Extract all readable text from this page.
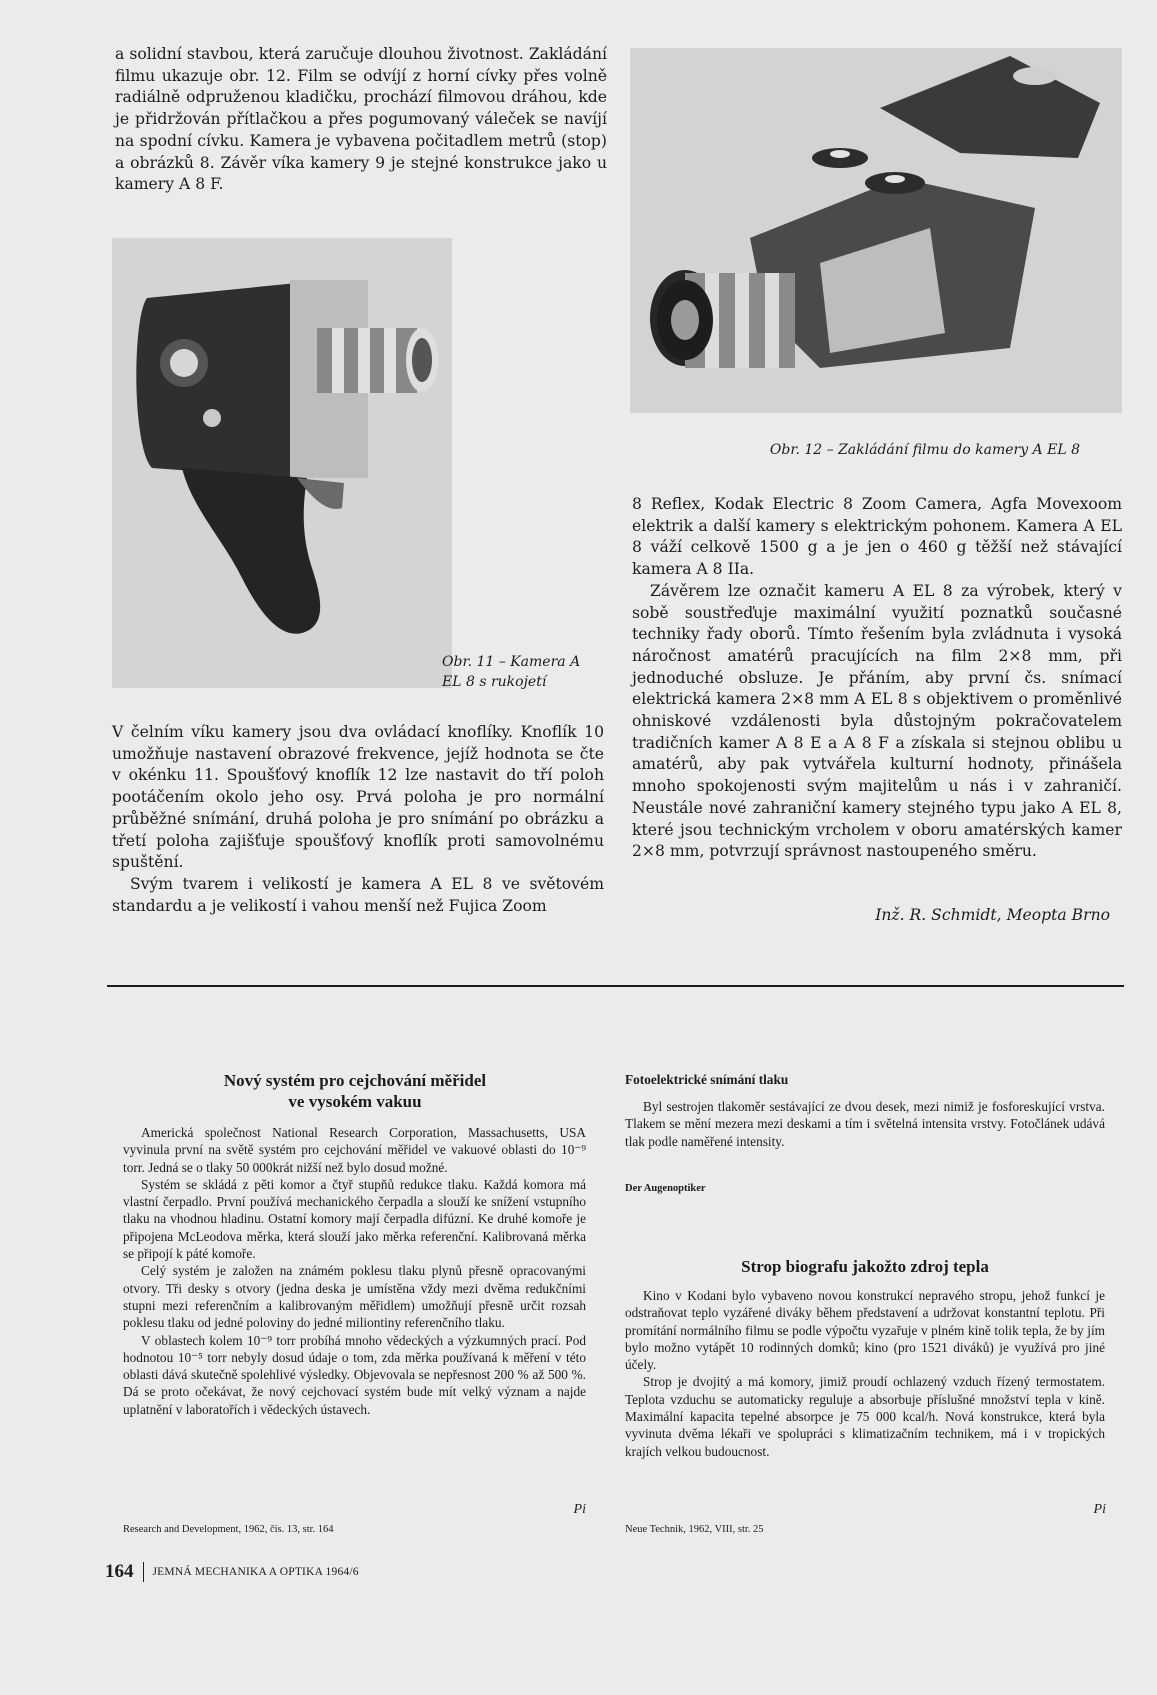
a solidní stavbou, která zaručuje dlouhou životnost. Zakládání filmu ukazuje obr. 12. Film se odvíjí z horní cívky přes volně radiálně odpruženou kladičku, prochází filmovou dráhou, kde je přidržován přítlačkou a přes pogumovaný váleček se navíjí na spodní cívku. Kamera je vybavena počitadlem metrů (stop) a obrázků 8. Závěr víka kamery 9 je stejné konstrukce jako u kamery A 8 F.

Obr. 12 – Zakládání filmu do kamery A EL 8
Obr. 11 – Kamera A EL 8 s rukojetí

V čelním víku kamery jsou dva ovládací knoflíky. Knoflík 10 umožňuje nastavení obrazové frekvence, jejíž hodnota se čte v okénku 11. Spoušťový knoflík 12 lze nastavit do tří poloh pootáčením okolo jeho osy. Prvá poloha je pro normální průběžné snímání, druhá poloha je pro snímání po obrázku a třetí poloha zajišťuje spoušťový knoflík proti samovolnému spuštění.

Svým tvarem i velikostí je kamera A EL 8 ve světovém standardu a je velikostí i vahou menší než Fujica Zoom

8 Reflex, Kodak Electric 8 Zoom Camera, Agfa Movexoom elektrik a další kamery s elektrickým pohonem. Kamera A EL 8 váží celkově 1500 g a je jen o 460 g těžší než stávající kamera A 8 IIa.

Závěrem lze označit kameru A EL 8 za výrobek, který v sobě soustřeďuje maximální využití poznatků současné techniky řady oborů. Tímto řešením byla zvládnuta i vysoká náročnost amatérů pracujících na film 2×8 mm, při jednoduché obsluze. Je přáním, aby první čs. snímací elektrická kamera 2×8 mm A EL 8 s objektivem o proměnlivé ohniskové vzdálenosti byla důstojným pokračovatelem tradičních kamer A 8 E a A 8 F a získala si stejnou oblibu u amatérů, aby pak vytvářela kulturní hodnoty, přinášela mnoho spokojenosti svým majitelům u nás i v zahraničí. Neustále nové zahraniční kamery stejného typu jako A EL 8, které jsou technickým vrcholem v oboru amatérských kamer 2×8 mm, potvrzují správnost nastoupeného směru.

Inž. R. Schmidt, Meopta Brno
Nový systém pro cejchování měřidel
ve vysokém vakuu

Americká společnost National Research Corporation, Massachusetts, USA vyvinula první na světě systém pro cejchování měřidel ve vakuové oblasti do 10⁻⁹ torr. Jedná se o tlaky 50 000krát nižší než bylo dosud možné.

Systém se skládá z pěti komor a čtyř stupňů redukce tlaku. Každá komora má vlastní čerpadlo. První používá mechanického čerpadla a slouží ke snížení vstupního tlaku na vhodnou hladinu. Ostatní komory mají čerpadla difúzní. Ke druhé komoře je připojena McLeodova měrka, která slouží jako měrka referenční. Kalibrovaná měrka se připojí k páté komoře.

Celý systém je založen na známém poklesu tlaku plynů přesně opracovanými otvory. Tři desky s otvory (jedna deska je umístěna vždy mezi dvěma redukčními stupni mezi referenčním a kalibrovaným měřidlem) umožňují přesně určit rozsah poklesu tlaku od jedné poloviny do jedné miliontiny referenčního tlaku.

V oblastech kolem 10⁻⁹ torr probíhá mnoho vědeckých a výzkumných prací. Pod hodnotou 10⁻⁵ torr nebyly dosud údaje o tom, zda měrka používaná k měření v této oblasti dává skutečně spolehlivé výsledky. Objevovala se nepřesnost 200 % až 500 %. Dá se proto očekávat, že nový cejchovací systém bude mít velký význam a najde uplatnění v laboratořích i vědeckých ústavech.

Pi
Research and Development, 1962, čís. 13, str. 164
Fotoelektrické snímání tlaku

Byl sestrojen tlakoměr sestávající ze dvou desek, mezi nimiž je fosforeskující vrstva. Tlakem se mění mezera mezi deskami a tím i světelná intensita vrstvy. Fotočlánek udává tlak podle naměřené intensity.

Der Augenoptiker
Strop biografu jakožto zdroj tepla

Kino v Kodani bylo vybaveno novou konstrukcí nepravého stropu, jehož funkcí je odstraňovat teplo vyzářené diváky během představení a udržovat konstantní teplotu. Při promítání normálního filmu se podle výpočtu vyzařuje v plném kině tolik tepla, že by jím bylo možno vytápět 10 rodinných domků; kino (pro 1521 diváků) je využívá pro jiné účely.

Strop je dvojitý a má komory, jimiž proudí ochlazený vzduch řízený termostatem. Teplota vzduchu se automaticky reguluje a absorbuje příslušné množství tepla v kině. Maximální kapacita tepelné absorpce je 75 000 kcal/h. Nová konstrukce, která byla vyvinuta dvěma lékaři ve spolupráci s klimatizačním technikem, má i v tropických krajích velkou budoucnost.

Pi
Neue Technik, 1962, VIII, str. 25
164 JEMNÁ MECHANIKA A OPTIKA 1964/6
